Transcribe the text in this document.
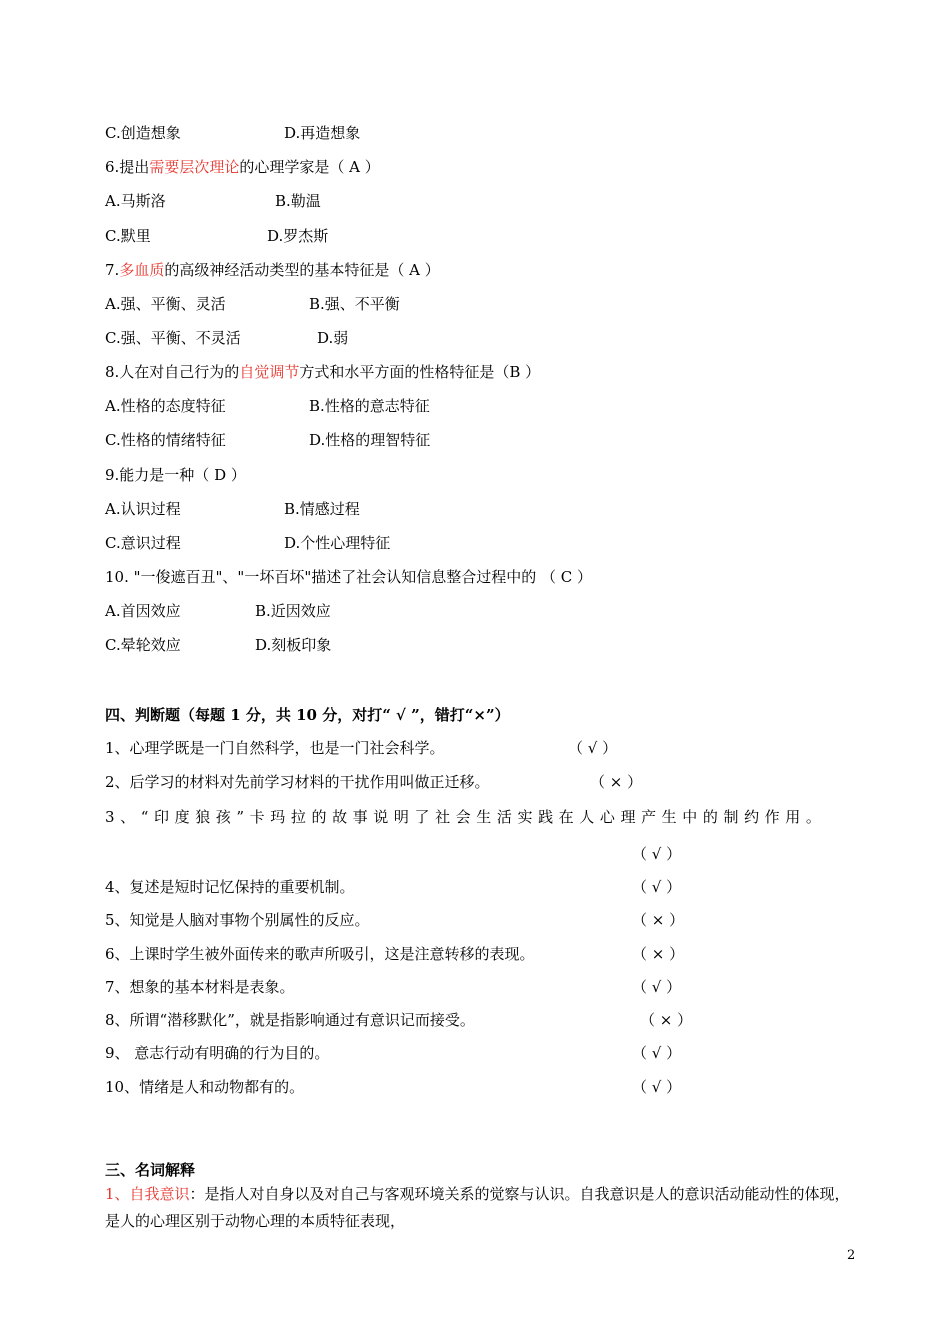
C.创造想象	D.再造想象
6.提出需要层次理论的心理学家是（ A ）
A.马斯洛	B.勒温
C.默里	D.罗杰斯
7.多血质的高级神经活动类型的基本特征是（ A ）
A.强、平衡、灵活	B.强、不平衡
C.强、平衡、不灵活	D.弱
8.人在对自己行为的自觉调节方式和水平方面的性格特征是（B ）
A.性格的态度特征	B.性格的意志特征
C.性格的情绪特征	D.性格的理智特征
9.能力是一种（ D ）
A.认识过程	B.情感过程
C.意识过程	D.个性心理特征
10. "一俊遮百丑"、"一坏百坏"描述了社会认知信息整合过程中的 （ C ）
A.首因效应	B.近因效应
C.晕轮效应	D.刻板印象
四、判断题（每题 1 分，共 10 分，对打“ √ ”，错打“×”）
1、心理学既是一门自然科学，也是一门社会科学。	（ √ ）
2、后学习的材料对先前学习材料的干扰作用叫做正迁移。	（ × ）
3、“印度狼孩”卡玛拉的故事说明了社会生活实践在人心理产生中的制约作用。
（ √ ）
4、复述是短时记忆保持的重要机制。	（ √ ）
5、知觉是人脑对事物个别属性的反应。	（ × ）
6、上课时学生被外面传来的歌声所吸引，这是注意转移的表现。	（ × ）
7、想象的基本材料是表象。	（ √ ）
8、所谓“潜移默化”，就是指影响通过有意识记而接受。	（ × ）
9、 意志行动有明确的行为目的。	（ √ ）
10、情绪是人和动物都有的。	（ √ ）
三、名词解释
1、自我意识：是指人对自身以及对自己与客观环境关系的觉察与认识。自我意识是人的意识活动能动性的体现，是人的心理区别于动物心理的本质特征表现，
2
